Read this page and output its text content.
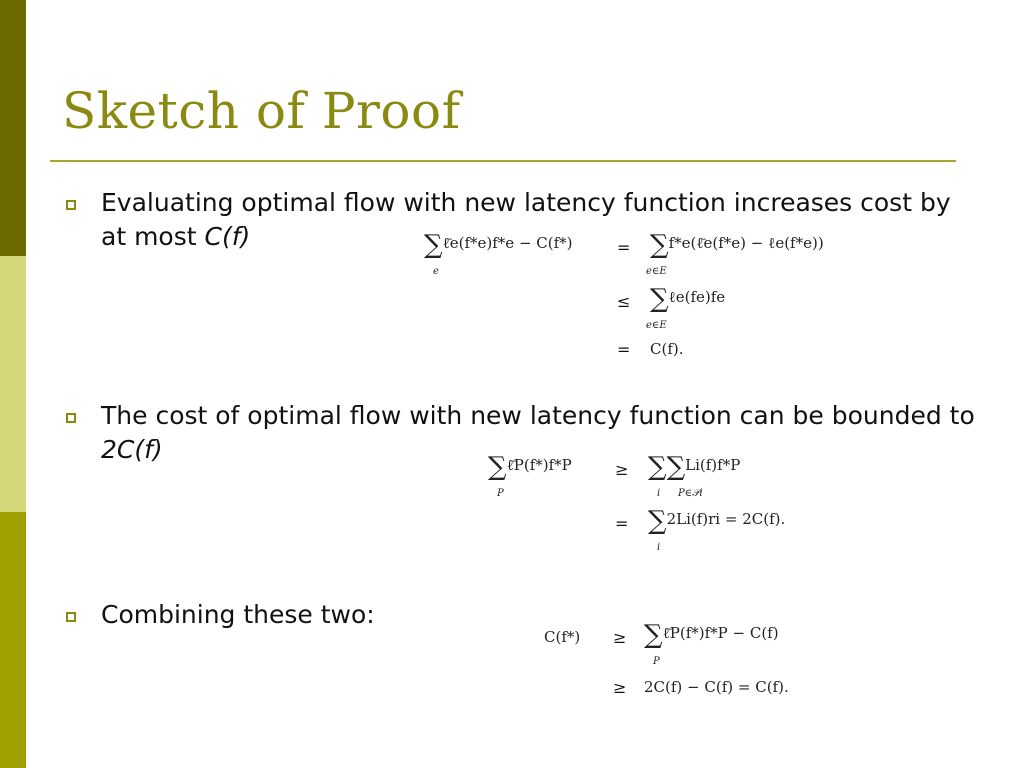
Sketch of Proof
Evaluating optimal flow with new latency function increases cost by at most C(f)	∑ℓ̄e(f*e)f*e − C(f*)
e
= ∑f*e(ℓ̄e(f*e) − ℓe(f*e))
e∈E
≤ ∑ℓe(fe)fe
e∈E
= C(f).
The cost of optimal flow with new latency function can be bounded to 2C(f)
∑ℓ̄P(f*)f*P
P
≥ ∑∑Li(f)f*P
i P∈𝒫i
= ∑2Li(f)ri = 2C(f).
i
Combining these two:
C(f*) ≥ ∑ℓ̄P(f*)f*P − C(f)
P
≥ 2C(f) − C(f) = C(f).
